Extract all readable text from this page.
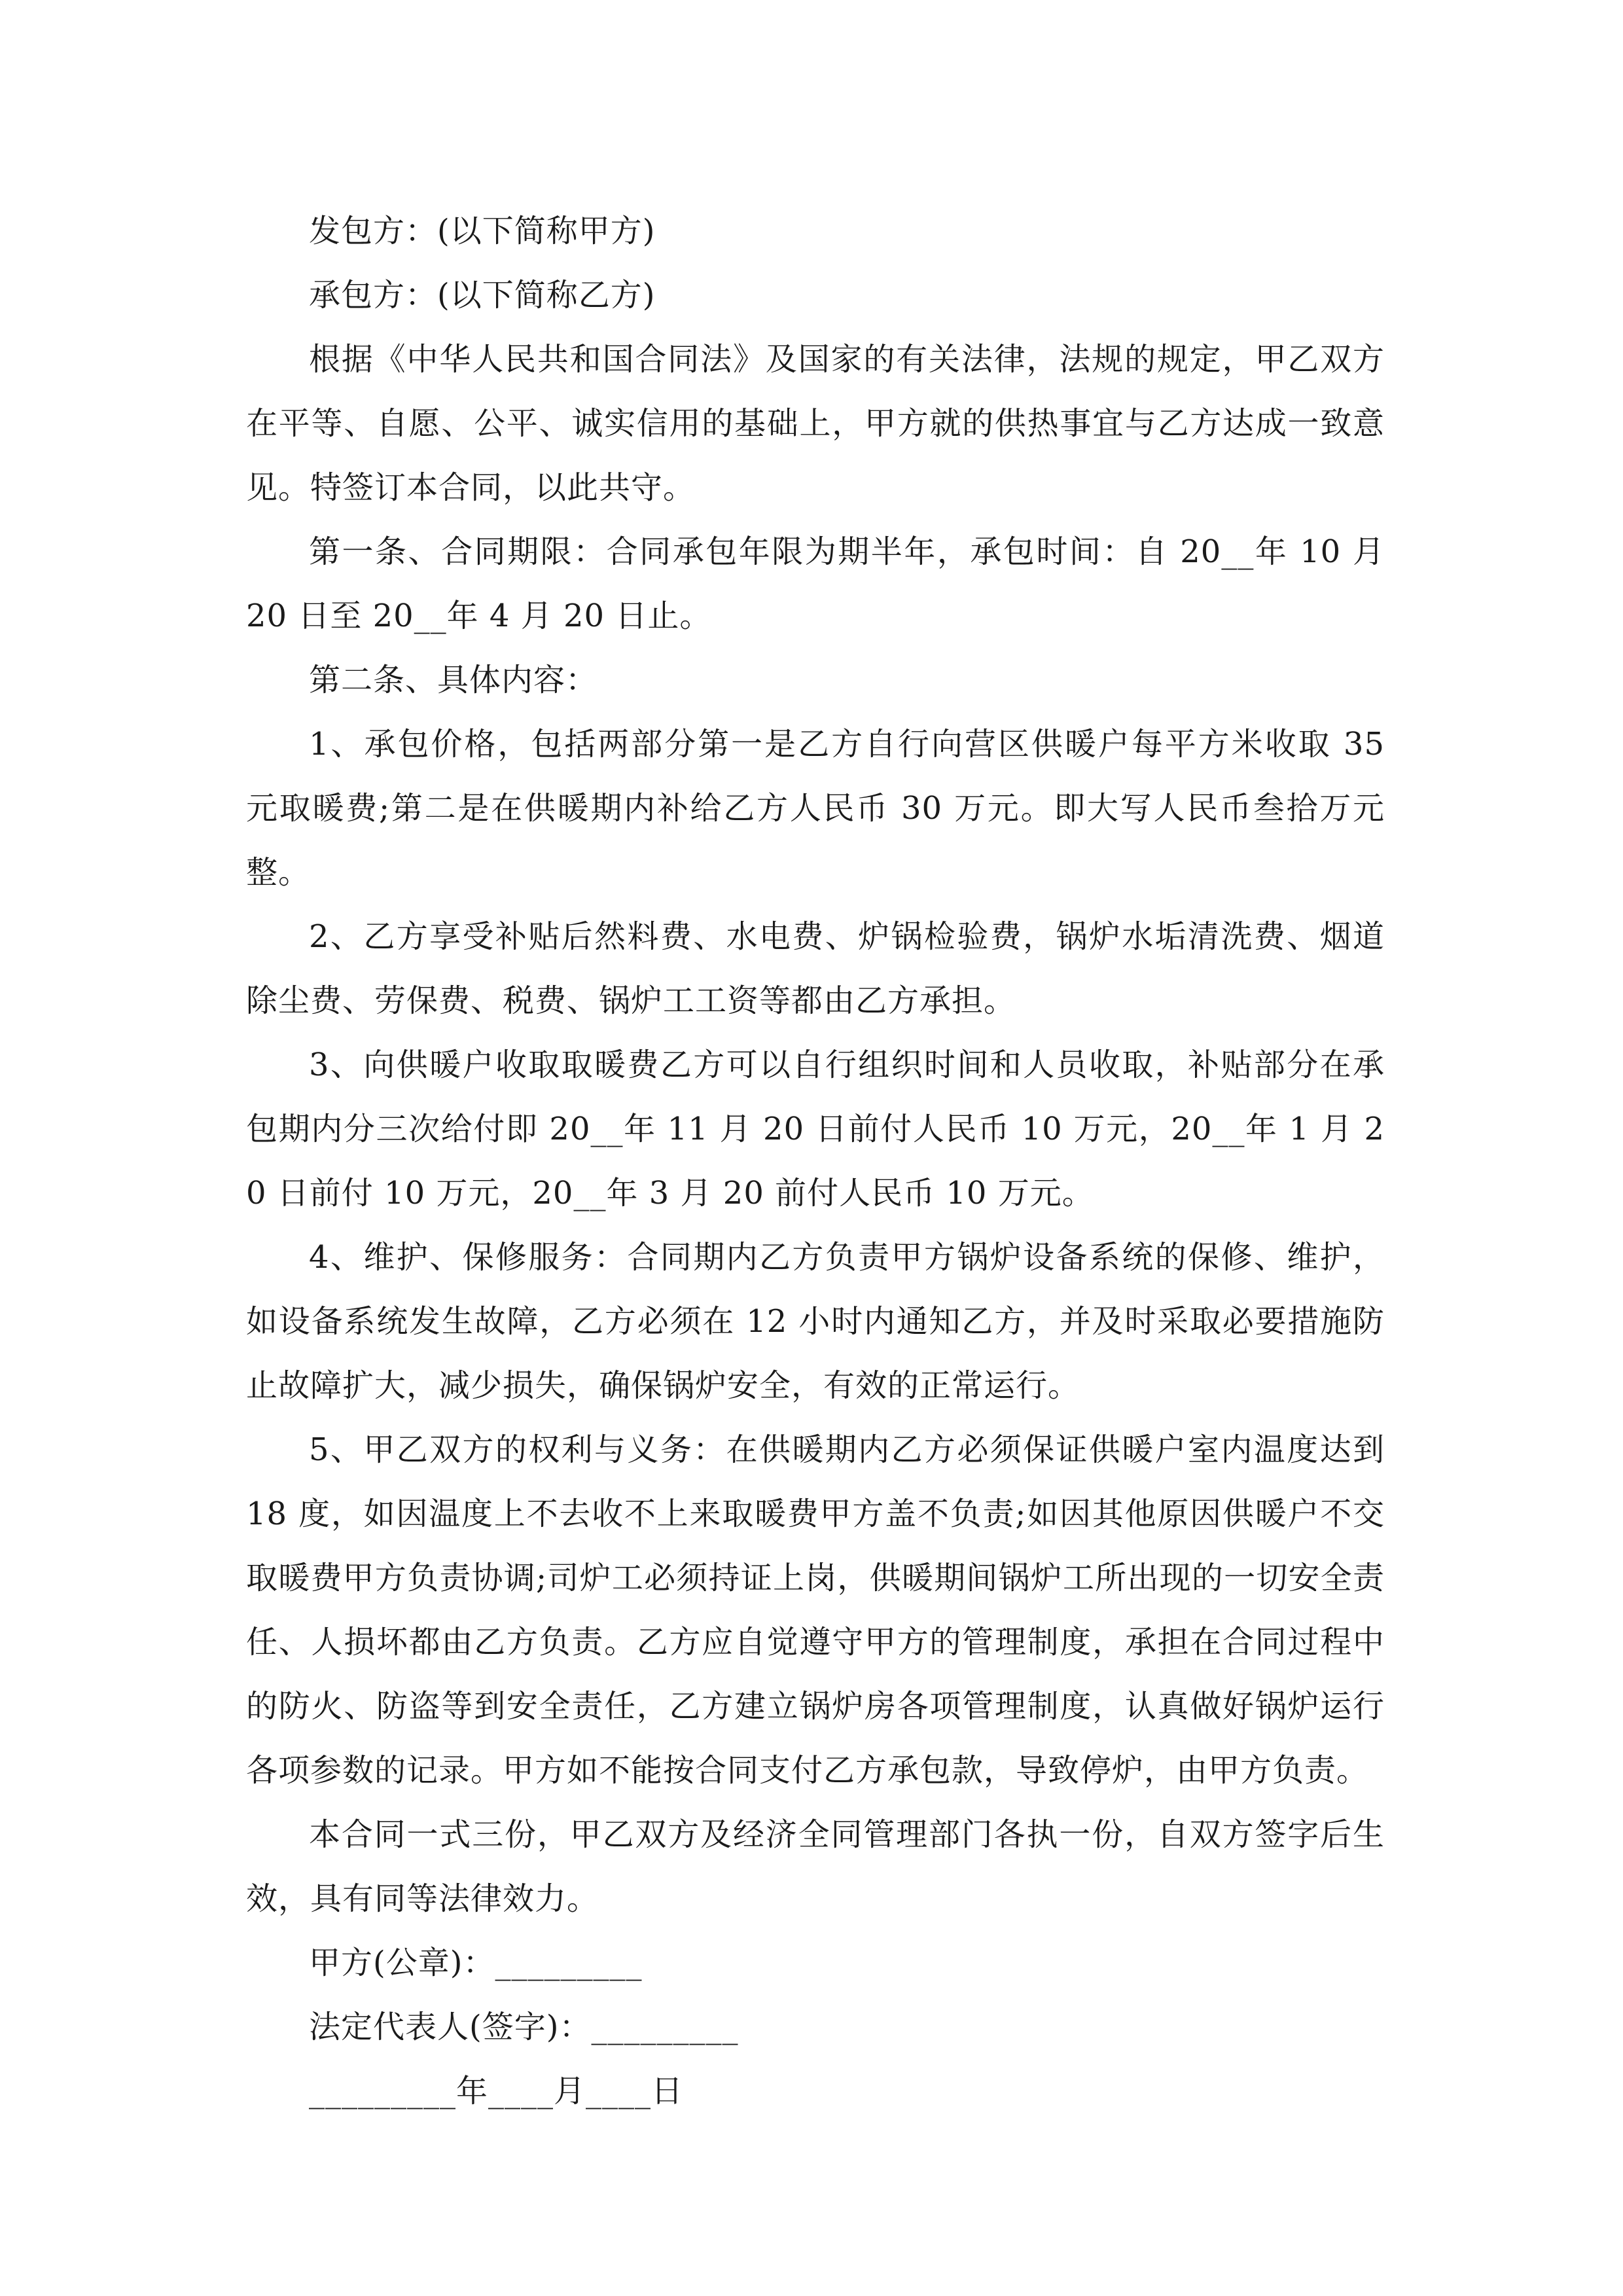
发包方：(以下简称甲方)

承包方：(以下简称乙方)

根据《中华人民共和国合同法》及国家的有关法律，法规的规定，甲乙双方在平等、自愿、公平、诚实信用的基础上，甲方就的供热事宜与乙方达成一致意见。特签订本合同，以此共守。

第一条、合同期限：合同承包年限为期半年，承包时间：自 20__年 10 月 20 日至 20__年 4 月 20 日止。

第二条、具体内容：

1、承包价格，包括两部分第一是乙方自行向营区供暖户每平方米收取 35 元取暖费;第二是在供暖期内补给乙方人民币 30 万元。即大写人民币叁拾万元整。

2、乙方享受补贴后然料费、水电费、炉锅检验费，锅炉水垢清洗费、烟道除尘费、劳保费、税费、锅炉工工资等都由乙方承担。

3、向供暖户收取取暖费乙方可以自行组织时间和人员收取，补贴部分在承包期内分三次给付即 20__年 11 月 20 日前付人民币 10 万元，20__年 1 月 20 日前付 10 万元，20__年 3 月 20 前付人民币 10 万元。

4、维护、保修服务：合同期内乙方负责甲方锅炉设备系统的保修、维护，如设备系统发生故障，乙方必须在 12 小时内通知乙方，并及时采取必要措施防止故障扩大，减少损失，确保锅炉安全，有效的正常运行。

5、甲乙双方的权利与义务：在供暖期内乙方必须保证供暖户室内温度达到 18 度，如因温度上不去收不上来取暖费甲方盖不负责;如因其他原因供暖户不交取暖费甲方负责协调;司炉工必须持证上岗，供暖期间锅炉工所出现的一切安全责任、人损坏都由乙方负责。乙方应自觉遵守甲方的管理制度，承担在合同过程中的防火、防盗等到安全责任，乙方建立锅炉房各项管理制度，认真做好锅炉运行各项参数的记录。甲方如不能按合同支付乙方承包款，导致停炉，由甲方负责。

本合同一式三份，甲乙双方及经济全同管理部门各执一份，自双方签字后生效，具有同等法律效力。

甲方(公章)：_________

法定代表人(签字)：_________

_________年____月____日
